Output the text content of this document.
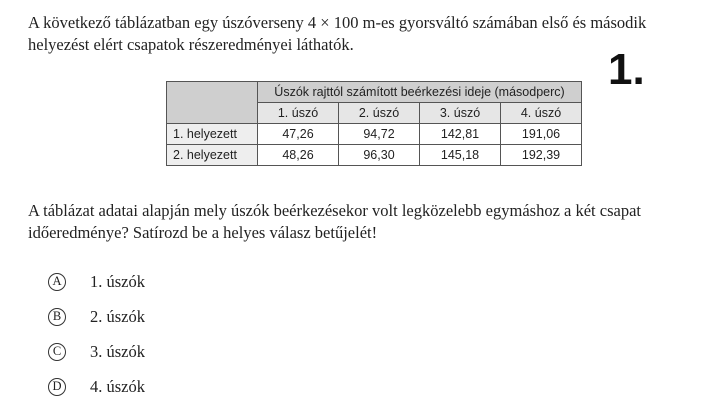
A következő táblázatban egy úszóverseny 4 × 100 m-es gyorsváltó számában első és második helyezést elért csapatok részeredményei láthatók.

1.
	Úszók rajttól számított beérkezési ideje (másodperc)			
	1. úszó	2. úszó	3. úszó	4. úszó
1. helyezett	47,26	94,72	142,81	191,06
2. helyezett	48,26	96,30	145,18	192,39

A táblázat adatai alapján mely úszók beérkezésekor volt legközelebb egymáshoz a két csapat időeredménye? Satírozd be a helyes válasz betűjelét!

A 1. úszók
B 2. úszók
C 3. úszók
D 4. úszók
